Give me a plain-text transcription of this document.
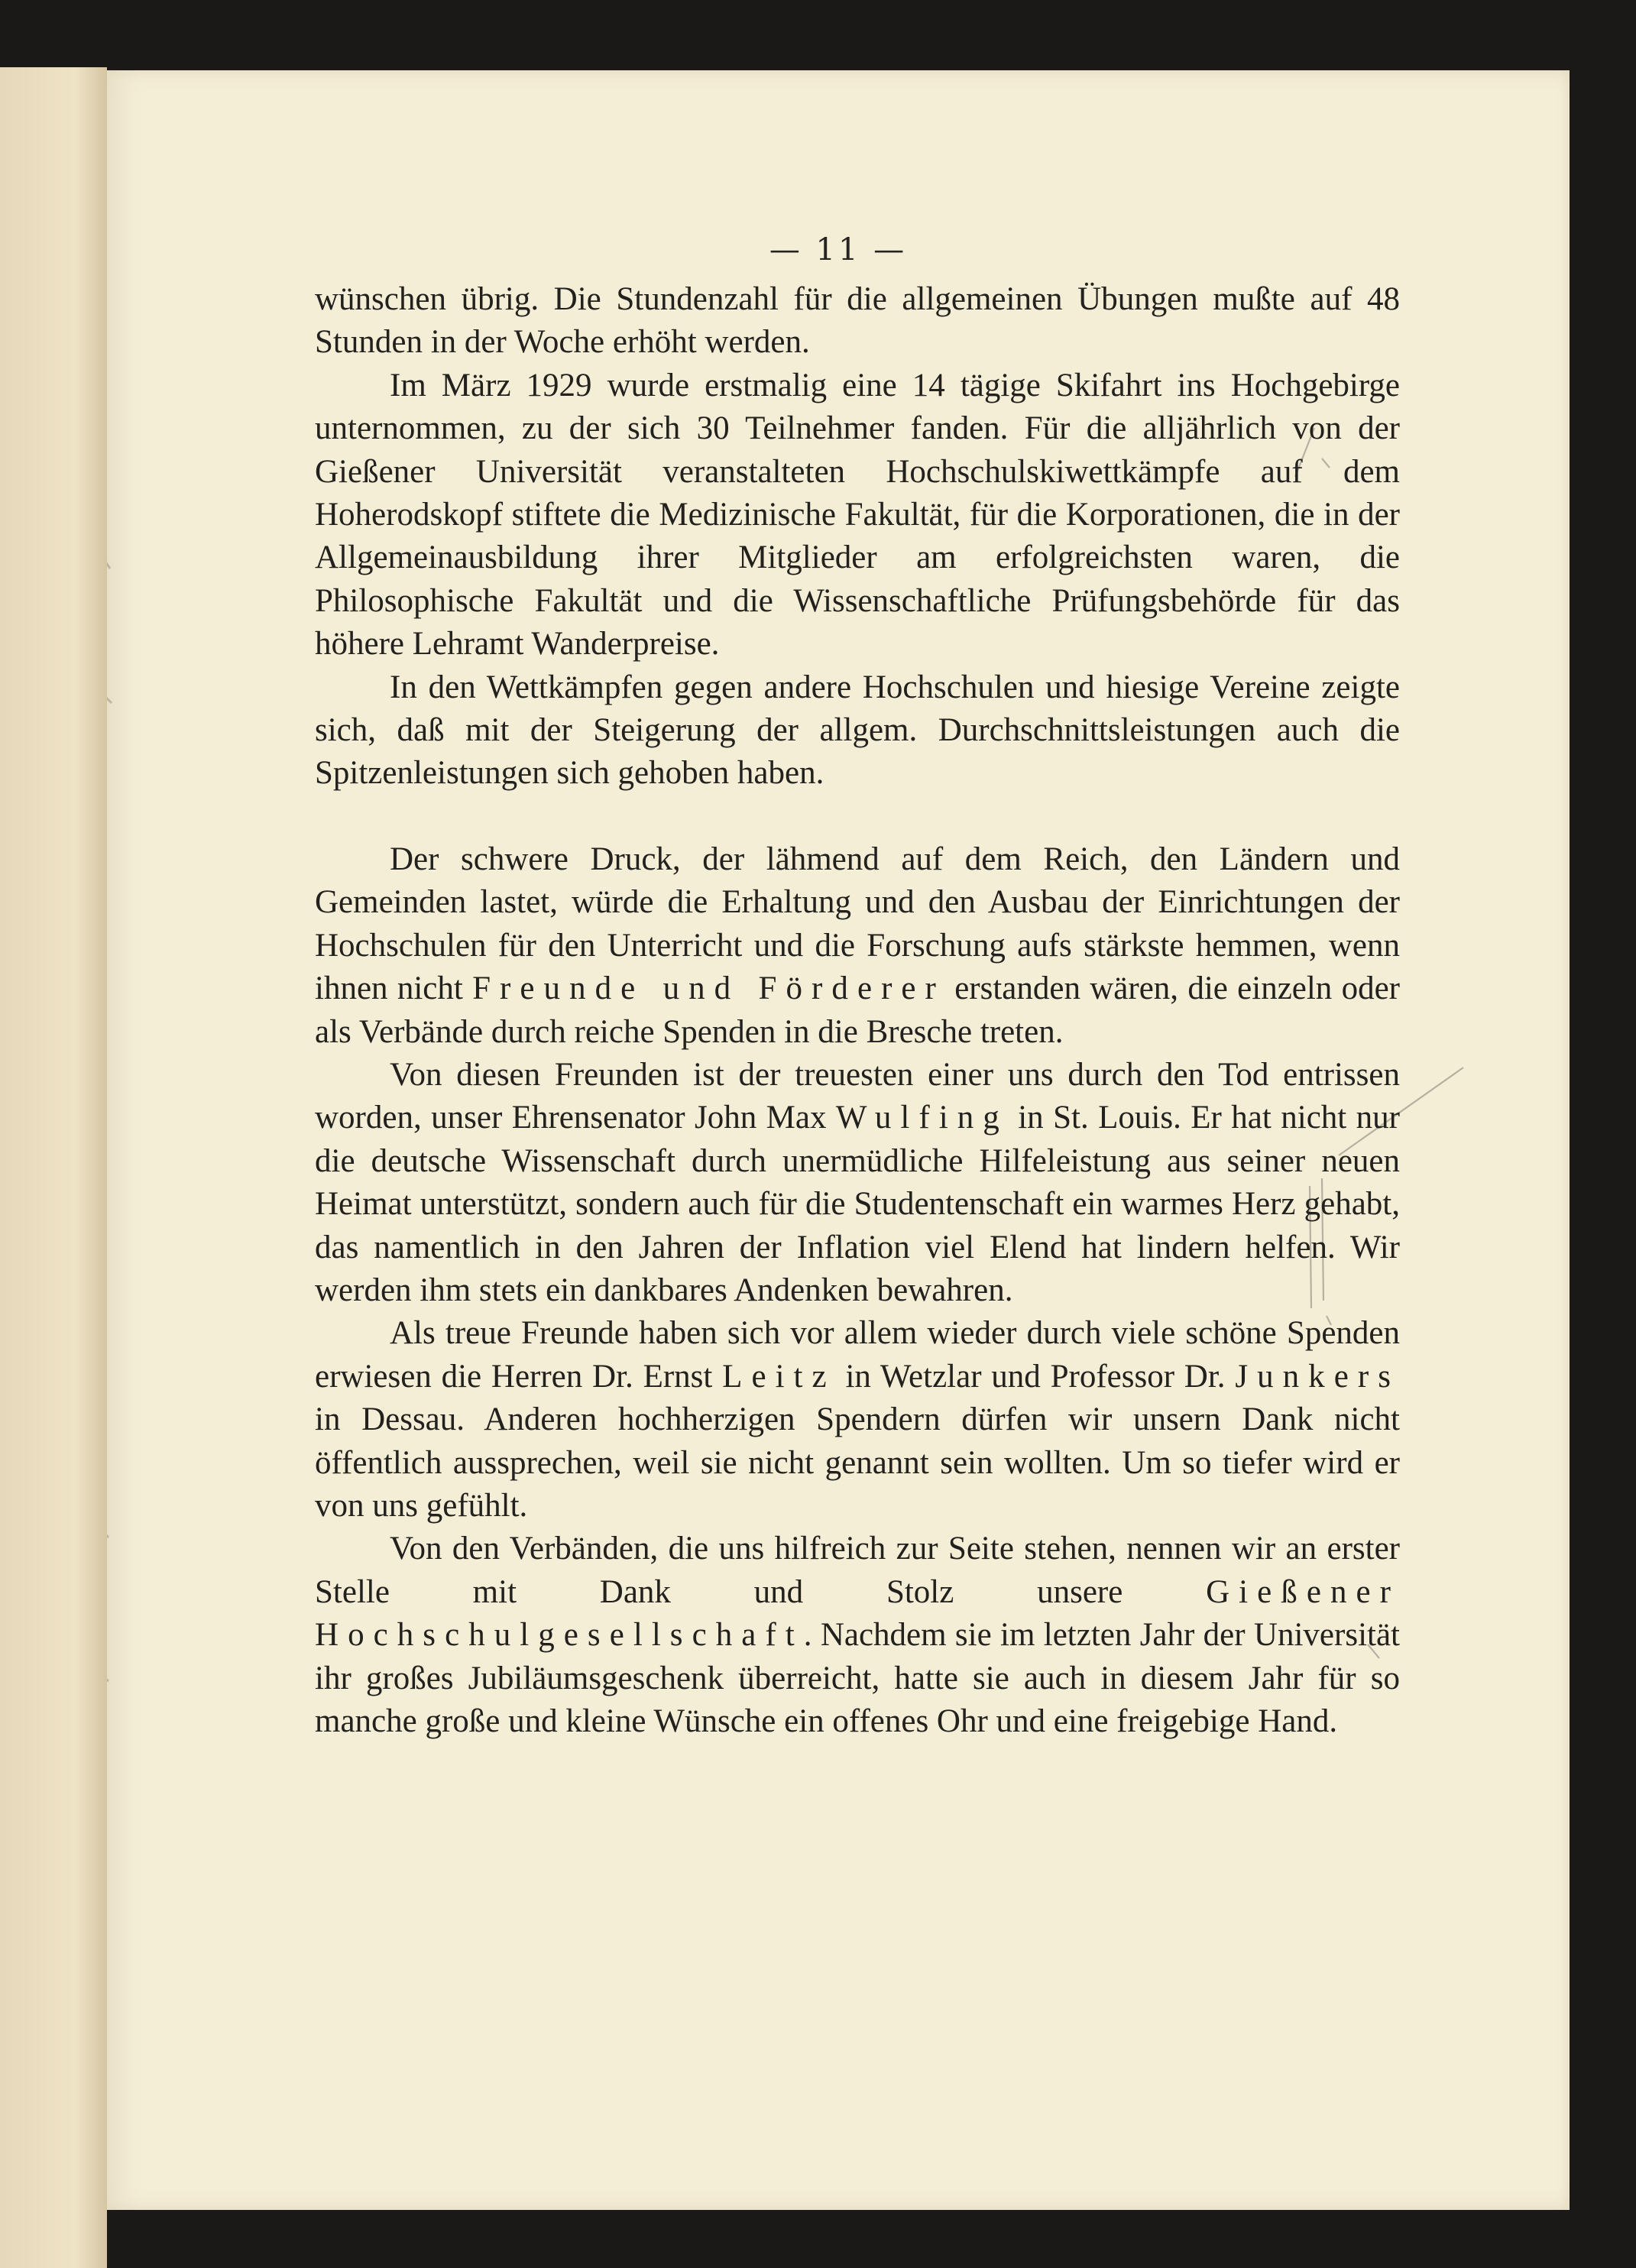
— 11 —

wünschen übrig. Die Stundenzahl für die allgemeinen Übungen mußte auf 48 Stunden in der Woche erhöht werden.

Im März 1929 wurde erstmalig eine 14 tägige Skifahrt ins Hochgebirge unternommen, zu der sich 30 Teilnehmer fanden. Für die alljährlich von der Gießener Universität veranstalteten Hochschulskiwettkämpfe auf dem Hoherodskopf stiftete die Medizinische Fakultät, für die Korporationen, die in der Allgemeinausbildung ihrer Mitglieder am erfolgreichsten waren, die Philosophische Fakultät und die Wissenschaftliche Prüfungsbehörde für das höhere Lehramt Wanderpreise.

In den Wettkämpfen gegen andere Hochschulen und hiesige Vereine zeigte sich, daß mit der Steigerung der allgem. Durchschnittsleistungen auch die Spitzenleistungen sich gehoben haben.

Der schwere Druck, der lähmend auf dem Reich, den Ländern und Gemeinden lastet, würde die Erhaltung und den Ausbau der Einrichtungen der Hochschulen für den Unterricht und die Forschung aufs stärkste hemmen, wenn ihnen nicht Freunde und Förderer erstanden wären, die einzeln oder als Verbände durch reiche Spenden in die Bresche treten.

Von diesen Freunden ist der treuesten einer uns durch den Tod entrissen worden, unser Ehrensenator John Max Wulfing in St. Louis. Er hat nicht nur die deutsche Wissenschaft durch unermüdliche Hilfeleistung aus seiner neuen Heimat unterstützt, sondern auch für die Studentenschaft ein warmes Herz gehabt, das namentlich in den Jahren der Inflation viel Elend hat lindern helfen. Wir werden ihm stets ein dankbares Andenken bewahren.

Als treue Freunde haben sich vor allem wieder durch viele schöne Spenden erwiesen die Herren Dr. Ernst Leitz in Wetzlar und Professor Dr. Junkers in Dessau. Anderen hochherzigen Spendern dürfen wir unsern Dank nicht öffentlich aussprechen, weil sie nicht genannt sein wollten. Um so tiefer wird er von uns gefühlt.

Von den Verbänden, die uns hilfreich zur Seite stehen, nennen wir an erster Stelle mit Dank und Stolz unsere Gießener Hochschulgesellschaft. Nachdem sie im letzten Jahr der Universität ihr großes Jubiläumsgeschenk überreicht, hatte sie auch in diesem Jahr für so manche große und kleine Wünsche ein offenes Ohr und eine freigebige Hand.
